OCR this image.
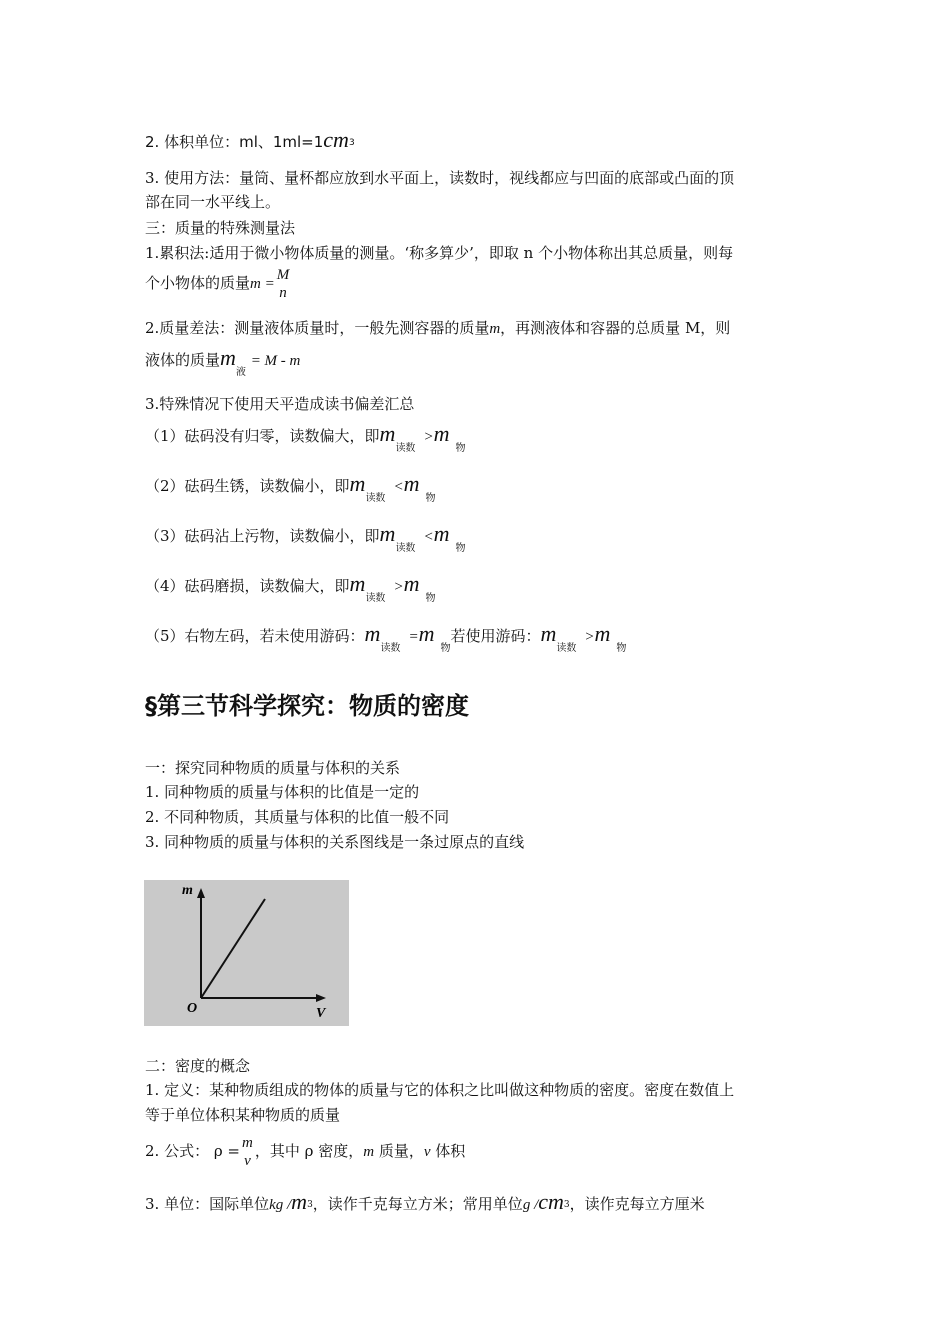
2. 体积单位：ml、1ml=1cm3
3. 使用方法：量筒、量杯都应放到水平面上，读数时，视线都应与凹面的底部或凸面的顶
部在同一水平线上。
三：质量的特殊测量法
1.累积法:适用于微小物体质量的测量。‘称多算少’，即取 n 个小物体称出其总质量，则每
个小物体的质量m =
M
n
2.质量差法：测量液体质量时，一般先测容器的质量m，再测液体和容器的总质量 M，则
液体的质量$m_液 = M - m$
3.特殊情况下使用天平造成读书偏差汇总
（1）砝码没有归零，读数偏大，即$m_{读数}>m_物$
（2）砝码生锈，读数偏小，即$m_{读数}<m_物$
（3）砝码沾上污物，读数偏小，即$m_{读数}<m_物$
（4）砝码磨损，读数偏大，即$m_{读数}>m_物$
（5）右物左码，若未使用游码：$m_{读数}=m_物$若使用游码：$m_{读数}>m_物$
§第三节科学探究：物质的密度
一：探究同种物质的质量与体积的关系
1. 同种物质的质量与体积的比值是一定的
2. 不同种物质，其质量与体积的比值一般不同
3. 同种物质的质量与体积的关系图线是一条过原点的直线
m
O	V
二：密度的概念
1. 定义：某种物质组成的物体的质量与它的体积之比叫做这种物质的密度。密度在数值上
等于单位体积某种物质的质量
2. 公式： ρ = m
v
，其中 ρ 密度，m 质量，v 体积
3. 单位：国际单位kg /m3，读作千克每立方米；常用单位g /cm3，读作克每立方厘米
